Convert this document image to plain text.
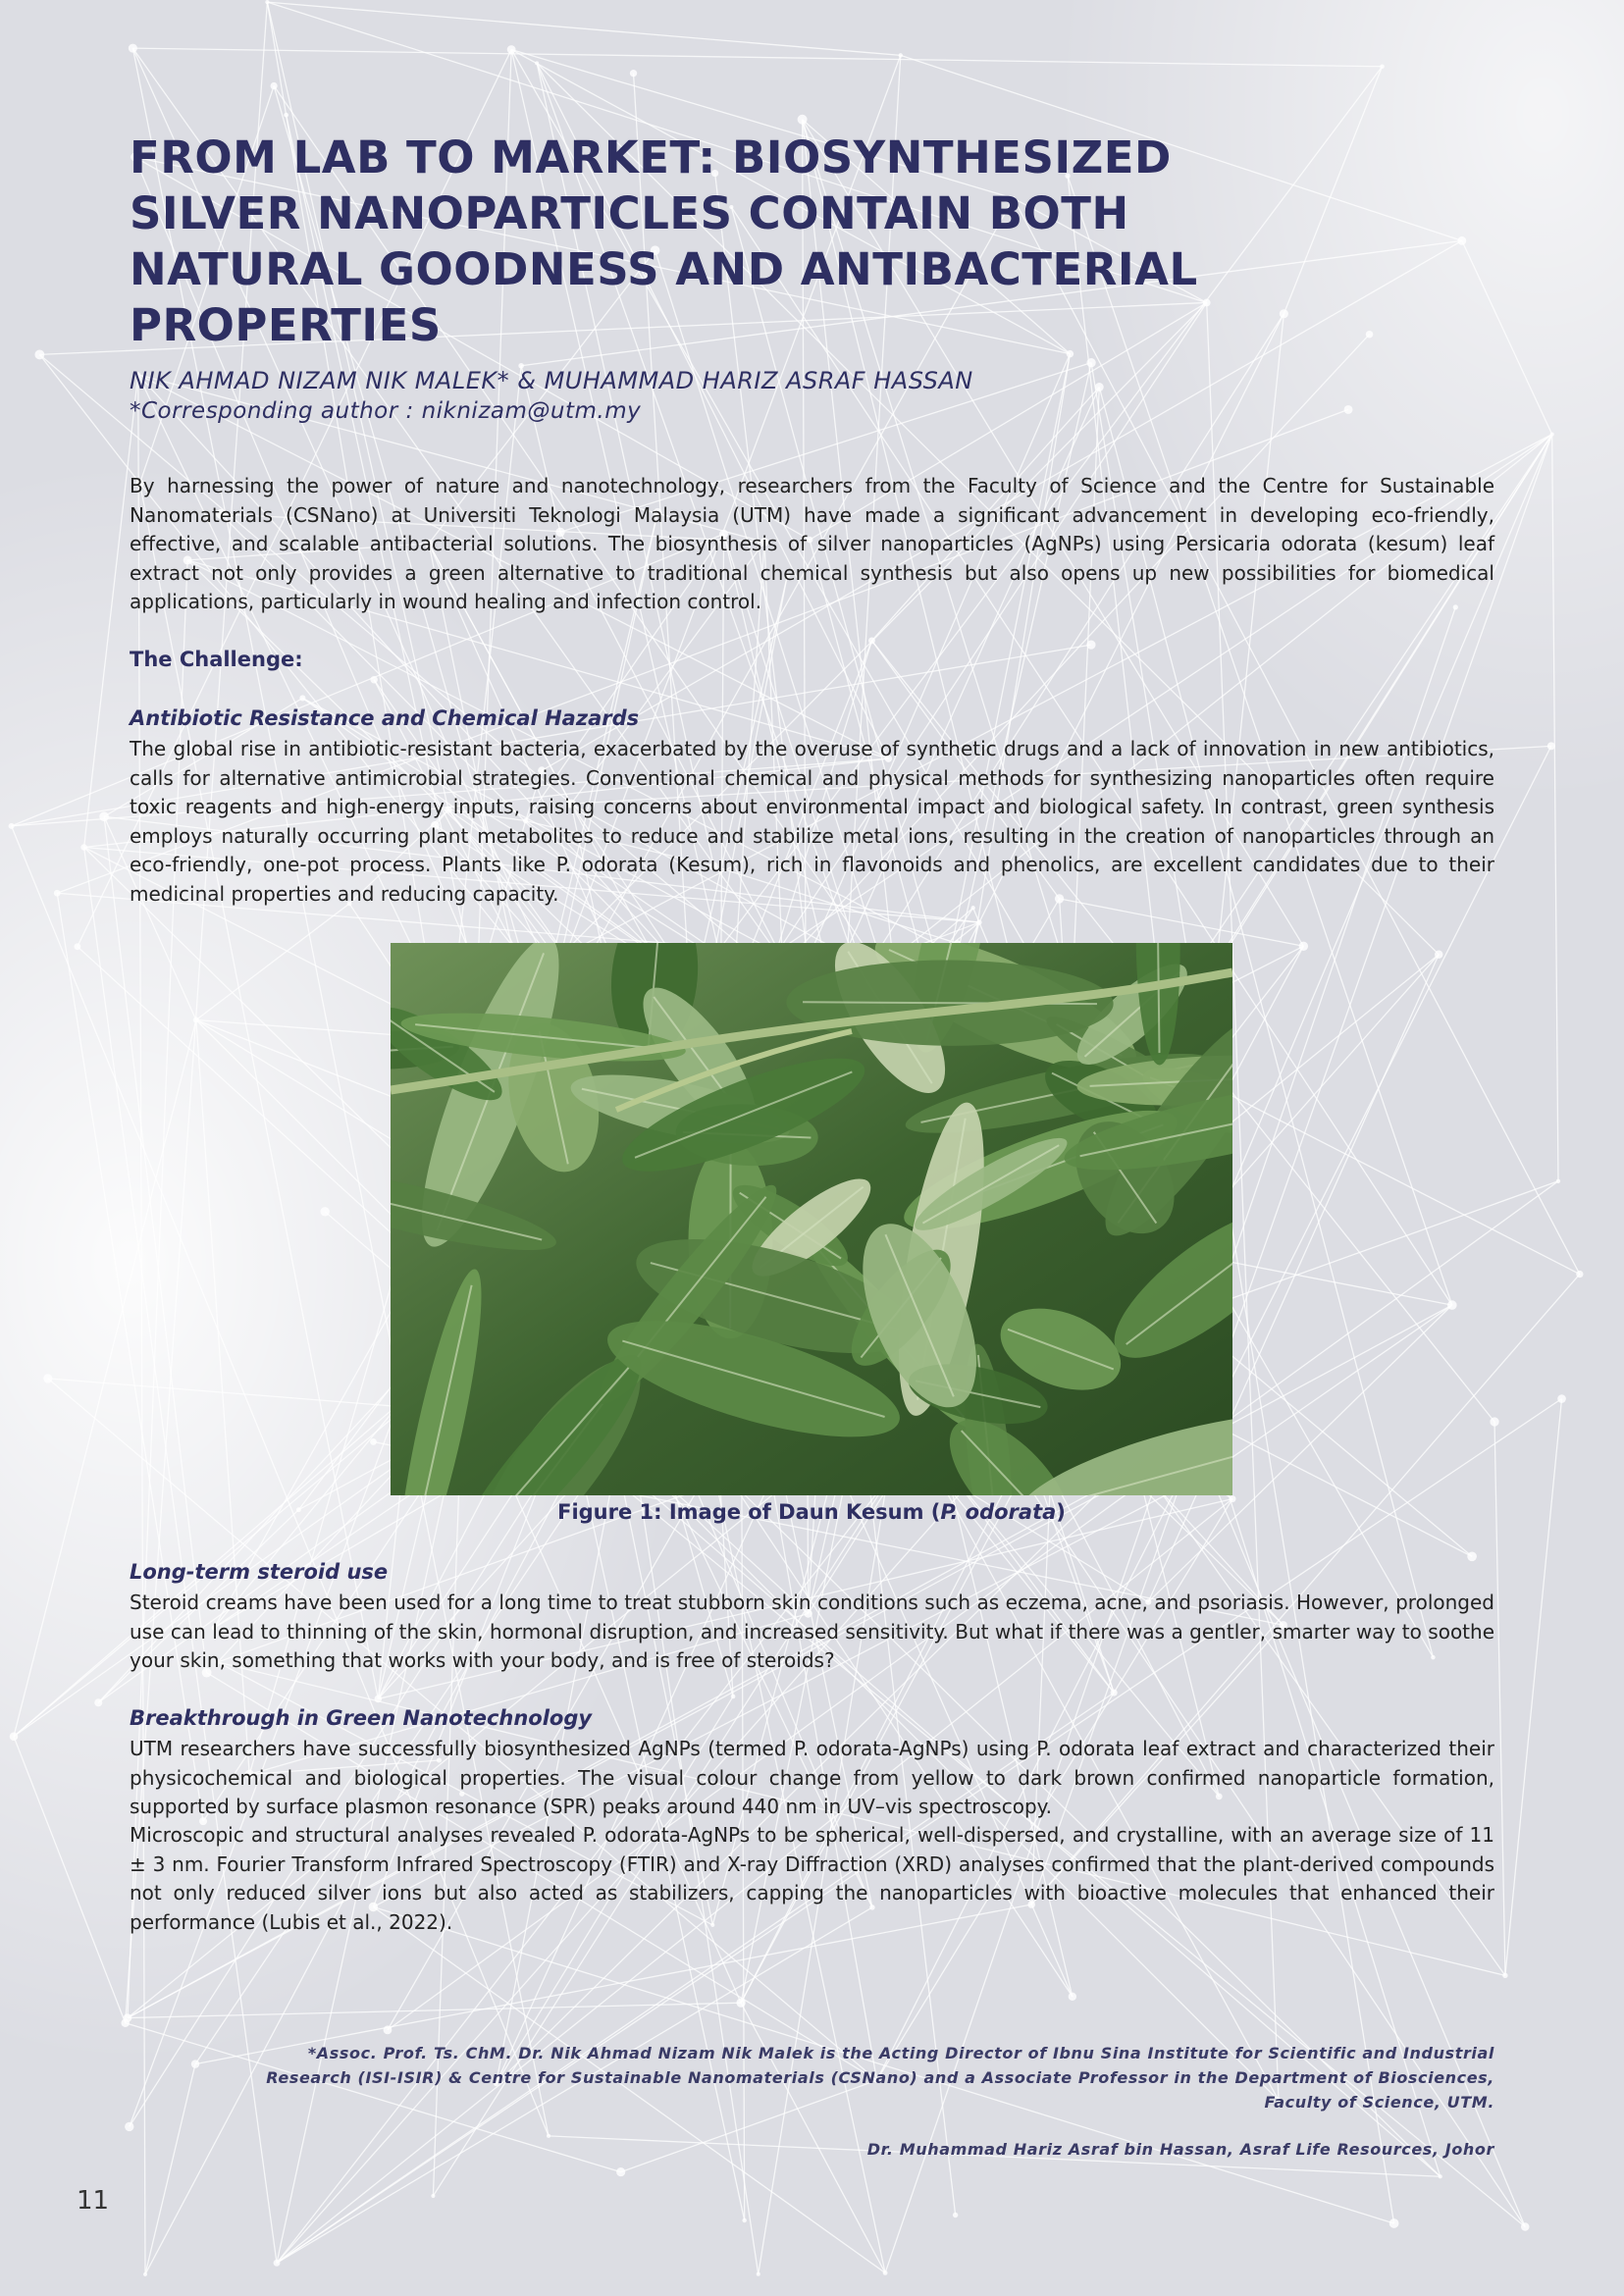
FROM LAB TO MARKET: BIOSYNTHESIZED
SILVER NANOPARTICLES CONTAIN BOTH
NATURAL GOODNESS AND ANTIBACTERIAL
PROPERTIES

NIK AHMAD NIZAM NIK MALEK* & MUHAMMAD HARIZ ASRAF HASSAN

*Corresponding author : niknizam@utm.my

By harnessing the power of nature and nanotechnology, researchers from the Faculty of Science and the Centre for Sustainable Nanomaterials (CSNano) at Universiti Teknologi Malaysia (UTM) have made a significant advancement in developing eco-friendly, effective, and scalable antibacterial solutions. The biosynthesis of silver nanoparticles (AgNPs) using Persicaria odorata (kesum) leaf extract not only provides a green alternative to traditional chemical synthesis but also opens up new possibilities for biomedical applications, particularly in wound healing and infection control.

The Challenge:
Antibiotic Resistance and Chemical Hazards

The global rise in antibiotic-resistant bacteria, exacerbated by the overuse of synthetic drugs and a lack of innovation in new antibiotics, calls for alternative antimicrobial strategies. Conventional chemical and physical methods for synthesizing nanoparticles often require toxic reagents and high-energy inputs, raising concerns about environmental impact and biological safety. In contrast, green synthesis employs naturally occurring plant metabolites to reduce and stabilize metal ions, resulting in the creation of nanoparticles through an eco-friendly, one-pot process. Plants like P. odorata (Kesum), rich in flavonoids and phenolics, are excellent candidates due to their medicinal properties and reducing capacity.

Figure 1: Image of Daun Kesum (P. odorata)

Long-term steroid use

Steroid creams have been used for a long time to treat stubborn skin conditions such as eczema, acne, and psoriasis. However, prolonged use can lead to thinning of the skin, hormonal disruption, and increased sensitivity. But what if there was a gentler, smarter way to soothe your skin, something that works with your body, and is free of steroids?

Breakthrough in Green Nanotechnology

UTM researchers have successfully biosynthesized AgNPs (termed P. odorata-AgNPs) using P. odorata leaf extract and characterized their physicochemical and biological properties. The visual colour change from yellow to dark brown confirmed nanoparticle formation, supported by surface plasmon resonance (SPR) peaks around 440 nm in UV–vis spectroscopy.

Microscopic and structural analyses revealed P. odorata-AgNPs to be spherical, well-dispersed, and crystalline, with an average size of 11 ± 3 nm. Fourier Transform Infrared Spectroscopy (FTIR) and X-ray Diffraction (XRD) analyses confirmed that the plant-derived compounds not only reduced silver ions but also acted as stabilizers, capping the nanoparticles with bioactive molecules that enhanced their performance (Lubis et al., 2022).

*Assoc. Prof. Ts. ChM. Dr. Nik Ahmad Nizam Nik Malek is the Acting Director of Ibnu Sina Institute for Scientific and Industrial
Research (ISI-ISIR) & Centre for Sustainable Nanomaterials (CSNano) and a Associate Professor in the Department of Biosciences,
Faculty of Science, UTM.

Dr. Muhammad Hariz Asraf bin Hassan, Asraf Life Resources, Johor

11
